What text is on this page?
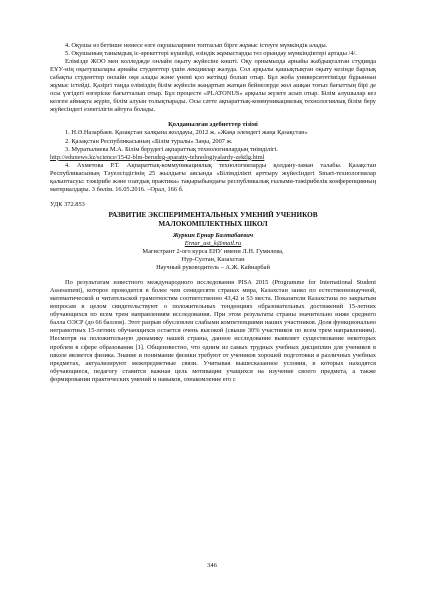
4. Оқушы өз бетінше немесе өзге оқушылармен топтасып бірге жұмыс істеуге мүмкіндік алады.

5. Оқушының танымдық іс-әрекеттері күшейді, өзіндік жұмыстарды тез орындау мүмкіндіктері артады /4/.

Елімізде ЖОО мен колледжде онлайн оқыту жүйесіне көшті. Оқу орнымызда арнайы жабдықталған студияда ЕҰУ-нің оқытушылары арнайы студенттер үшін лекциялар жазуда. Сол арқылы қашықтықтан оқыту кезінде барлық сабақты студенттер онлайн оқи алады және үнемі қол жетімді болып отыр. Бұл жоба университетімізде бұрыннан жұмыс істейді. Қазіргі таңда еліміздің білім жүйесін жаңартып жатқан бейнелерде жол ашқан тоғыз бағыттың бірі де осы үлгідегі өзгеріске бағытталып отыр. Бұл процесте «PLATONUS» арқылы жүзеге асып отыр. Білім алушылар кез келген аймақта жүріп, білім алуын толықтырады. Осы сәтте ақпараттық-коммуникациялық технологиялық білім беру жүйесіндегі езектілігін айтуға болады.

Қолданылған әдебиеттер тізімі

1. Н.Ә.Назарбаев. Қазақстан халқына жолдауы, 2012 ж. «Жаңа әлемдегі жаңа Қазақстан»

2. Қазақстан Республикасының «Білім туралы» Заңы, 2007 ж.

3. Муратылиева М.А. Білім берудегі ақпараттық технологиялардың тиімділігі.

http://edunews.kz/science/1542-blm-berudeg-aparatty-tehnologiyalardy-zektlg.html

4. Ахметова Р.Т. Ақпараттық-коммуникациялық технологияларды қолдану-заман талабы. Қазақстан Республикасының Тәуелсіздігінің 25 жылдығы аясында «Білімділікті арттыру жүйесіндегі Smart-технологиялар қалыптасуы: тәжірибе және озатдық практика» тақырыбындағы республикалық ғылыми-тәжірибелік конференцияның материалдары. 3 бөлім. 16.05.2016. –Орал, 166 б.

УДК 372.853

РАЗВИТИЕ ЭКСПЕРИМЕНТАЛЬНЫХ УМЕНИЙ УЧЕНИКОВ
МАЛОКОМПЛЕКТНЫХ ШКОЛ

Журкин Ернар Балтабаевич

Ernar_ast_k@mail.ru

Магистрант 2-ого курса ЕНУ имени Л.Н. Гумилева,

Нур-Султан, Казахстан

Научный руководитель – А.Ж. Кайнарбай

По результатам известного международного исследования PISA 2015 (Programme for International Student Assessment), которое проводится в более чем семидесяти странах мира, Казахстан занял по естественнонаучной, математической и читательской грамотностям соответственно 43,42 и 53 места. Показатели Казахстана по закрытым вопросам в целом свидетельствуют о положительных тенденциях образовательных достижений 15-летних обучающихся по всем трем направлениям исследования. При этом результаты страны значительно ниже среднего балла ОЭСР (до 66 баллов). Этот разрыв обусловлен слабыми компетенциями наших участников. Доля функционально неграмотных 15-летних обучающихся остается очень высокой (свыше 30% участников по всем трем направлениям). Несмотря на положительную динамику нашей страны, данное исследование выявляет существование некоторых проблем в сфере образования [1]. Общеизвестно, что одним из самых трудных учебных дисциплин для учеников в школе является физика. Знание и понимание физики требуют от учеников хорошей подготовки в различных учебных предметах, актуализируют межпредметные связи. Учитывая вышесказанное условия, в которых находятся обучающиеся, педагогу ставится важная цель мотивации учащихся на изучение своего предмета, а также формировании практических умений и навыков, ознакомление его с

346
